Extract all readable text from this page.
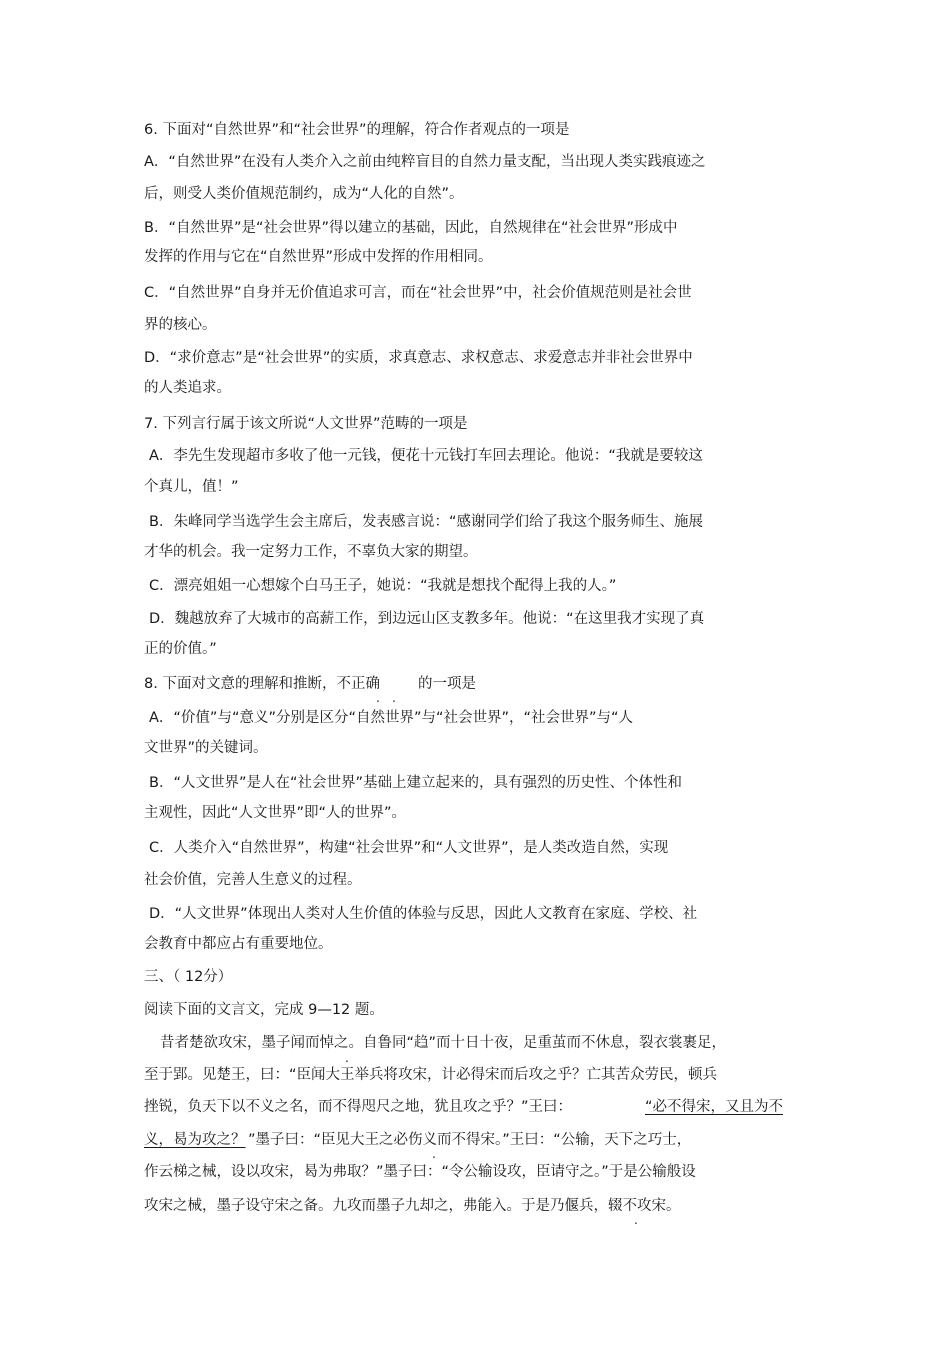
6. 下面对“自然世界”和“社会世界”的理解，符合作者观点的一项是
A．“自然世界”在没有人类介入之前由纯粹盲目的自然力量支配，当出现人类实践痕迹之
后，则受人类价值规范制约，成为“人化的自然”。
B．“自然世界”是“社会世界”得以建立的基础，因此，自然规律在“社会世界”形成中
发挥的作用与它在“自然世界”形成中发挥的作用相同。
C．“自然世界”自身并无价值追求可言，而在“社会世界”中，社会价值规范则是社会世
界的核心。
D．“求价意志”是“社会世界”的实质，求真意志、求权意志、求爱意志并非社会世界中
的人类追求。
7. 下列言行属于该文所说“人文世界”范畴的一项是
A．李先生发现超市多收了他一元钱，便花十元钱打车回去理论。他说：“我就是要较这
个真儿，值！”
B．朱峰同学当选学生会主席后，发表感言说：“感谢同学们给了我这个服务师生、施展
才华的机会。我一定努力工作，不辜负大家的期望。
C．漂亮姐姐一心想嫁个白马王子，她说：“我就是想找个配得上我的人。”
D．魏越放弃了大城市的高薪工作，到边远山区支教多年。他说：“在这里我才实现了真
正的价值。”
8. 下面对文意的理解和推断，不正确
. .
的一项是
A．“价值”与“意义”分别是区分“自然世界”与“社会世界”，“社会世界”与“人
文世界”的关键词。
B．“人文世界”是人在“社会世界”基础上建立起来的，具有强烈的历史性、个体性和
主观性，因此“人文世界”即“人的世界”。
C．人类介入“自然世界”，构建“社会世界”和“人文世界”，是人类改造自然，实现
社会价值，完善人生意义的过程。
D．“人文世界”体现出人类对人生价值的体验与反思，因此人文教育在家庭、学校、社
会教育中都应占有重要地位。
三、（ 12分）
阅读下面的文言文，完成 9—12 题。
昔者楚欲攻宋，墨子闻而悼之。自鲁同“趋”而十日十夜，足重茧而不休息，裂衣裳裹足，
.
至于郢。见楚王，曰：“臣闻大王举兵将攻宋，计必得宋而后攻之乎？亡其苦众劳民，顿兵
挫锐，负天下以不义之名，而不得咫尺之地，犹且攻之乎？”王曰：	“必不得宋，又且为不
义，曷为攻之？ ”墨子曰：“臣见大王之必伤义而不得宋。”王曰：“公输，天下之巧士，
.
作云梯之械，设以攻宋，曷为弗取？”墨子曰：“令公输设攻，臣请守之。”于是公输般设
攻宋之械，墨子设守宋之备。九攻而墨子九却之，弗能入。于是乃偃兵，辍不攻宋。
.
